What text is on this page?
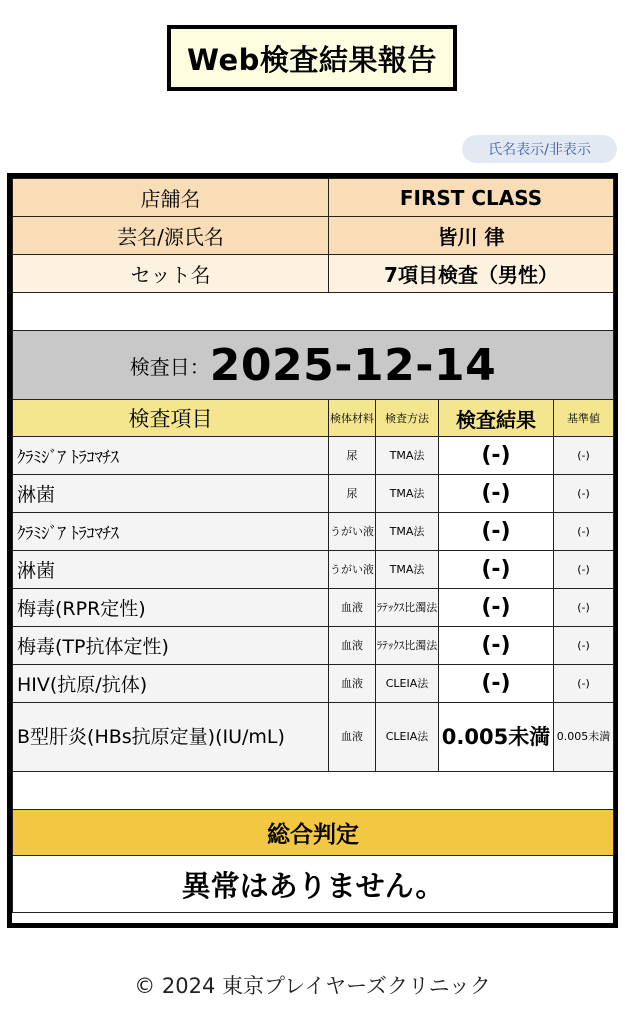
Web検査結果報告
氏名表示/非表示
店舗名	FIRST CLASS			
芸名/源氏名	皆川 律			
セット名	7項目検査（男性）			

検査日：2025-12-14				
検査項目	検体材料	検査方法	検査結果	基準値
ｸﾗﾐｼﾞｱ ﾄﾗｺﾏﾁｽ	尿	TMA法	(-)	(-)
淋菌	尿	TMA法	(-)	(-)
ｸﾗﾐｼﾞｱ ﾄﾗｺﾏﾁｽ	うがい液	TMA法	(-)	(-)
淋菌	うがい液	TMA法	(-)	(-)
梅毒(RPR定性)	血液	ﾗﾃｯｸｽ比濁法	(-)	(-)
梅毒(TP抗体定性)	血液	ﾗﾃｯｸｽ比濁法	(-)	(-)
HIV(抗原/抗体)	血液	CLEIA法	(-)	(-)
B型肝炎(HBs抗原定量)(IU/mL)	血液	CLEIA法	0.005未満	0.005未満

総合判定				
異常はありません。				
© 2024 東京プレイヤーズクリニック
